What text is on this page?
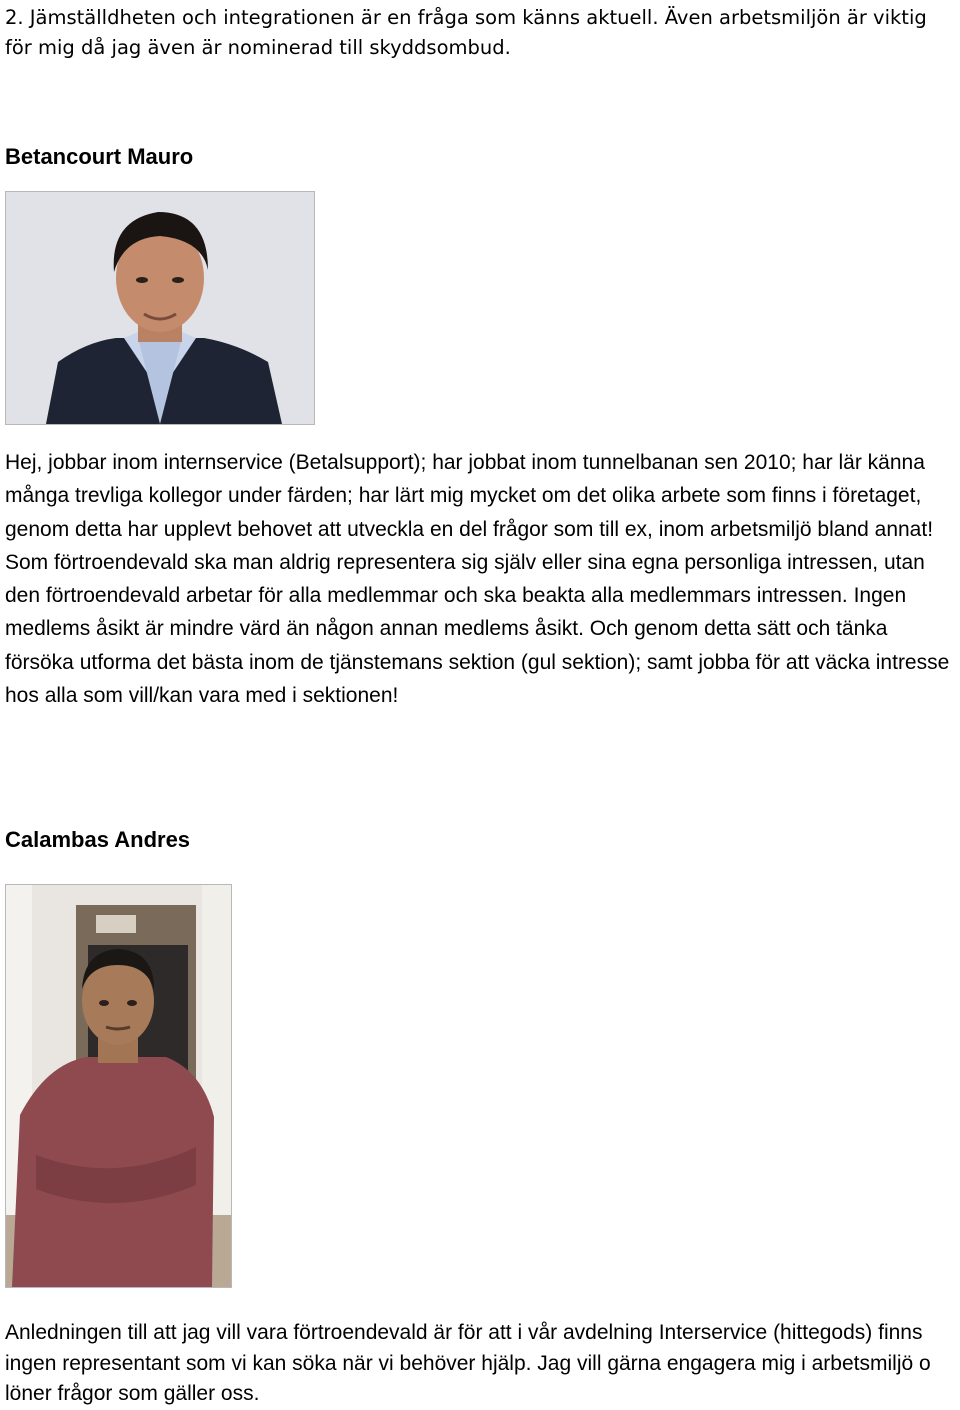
2. Jämställdheten och integrationen är en fråga som känns aktuell. Även arbetsmiljön är viktig för mig då jag även är nominerad till skyddsombud.

Betancourt Mauro

Hej, jobbar inom internservice (Betalsupport); har jobbat inom tunnelbanan sen 2010; har lär känna många trevliga kollegor under färden; har lärt mig mycket om det olika arbete som finns i företaget, genom detta har upplevt behovet att utveckla en del frågor som till ex, inom arbetsmiljö bland annat! Som förtroendevald ska man aldrig representera sig själv eller sina egna personliga intressen, utan den förtroendevald arbetar för alla medlemmar och ska beakta alla medlemmars intressen. Ingen medlems åsikt är mindre värd än någon annan medlems åsikt. Och genom detta sätt och tänka försöka utforma det bästa inom de tjänstemans sektion (gul sektion); samt jobba för att väcka intresse hos alla som vill/kan vara med i sektionen!

Calambas Andres

Anledningen till att jag vill vara förtroendevald är för att i vår avdelning Interservice (hittegods) finns ingen representant som vi kan söka när vi behöver hjälp. Jag vill gärna engagera mig i arbetsmiljö o löner frågor som gäller oss.
